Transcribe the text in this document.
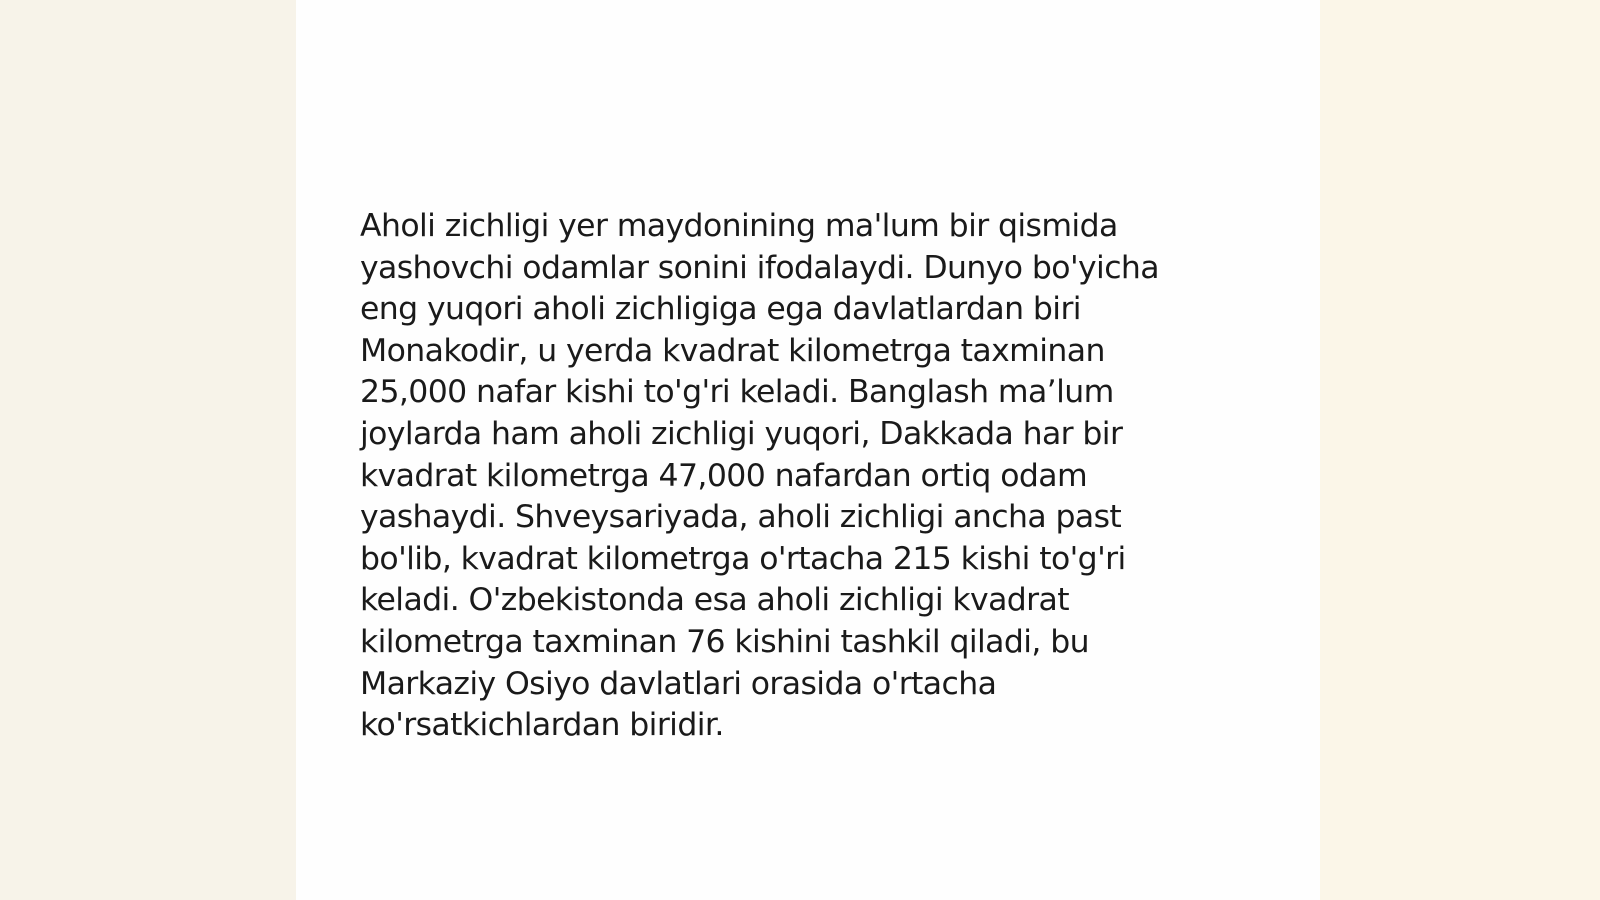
Aholi zichligi yer maydonining ma'lum bir qismida
yashovchi odamlar sonini ifodalaydi. Dunyo bo'yicha
eng yuqori aholi zichligiga ega davlatlardan biri
Monakodir, u yerda kvadrat kilometrga taxminan
25,000 nafar kishi to'g'ri keladi. Banglash ma’lum
joylarda ham aholi zichligi yuqori, Dakkada har bir
kvadrat kilometrga 47,000 nafardan ortiq odam
yashaydi. Shveysariyada, aholi zichligi ancha past
bo'lib, kvadrat kilometrga o'rtacha 215 kishi to'g'ri
keladi. O'zbekistonda esa aholi zichligi kvadrat
kilometrga taxminan 76 kishini tashkil qiladi, bu
Markaziy Osiyo davlatlari orasida o'rtacha
ko'rsatkichlardan biridir.
